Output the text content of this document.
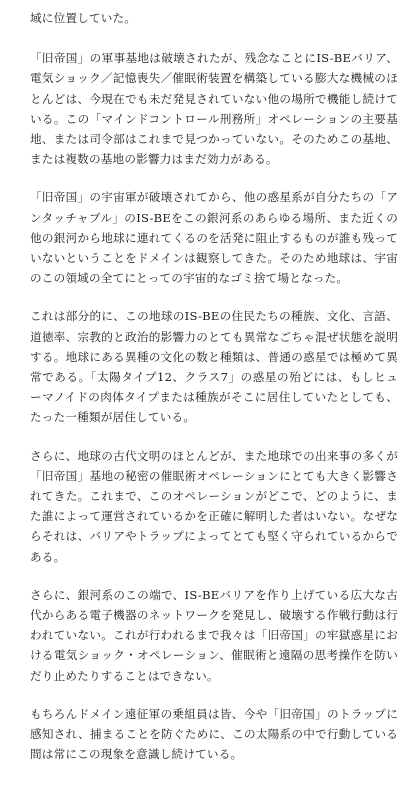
域に位置していた。

「旧帝国」の軍事基地は破壊されたが、残念なことにIS-BEバリア、電気ショック／記憶喪失／催眠術装置を構築している膨大な機械のほとんどは、今現在でも未だ発見されていない他の場所で機能し続けている。この「マインドコントロール刑務所」オペレーションの主要基地、または司令部はこれまで見つかっていない。そのためこの基地、または複数の基地の影響力はまだ効力がある。

「旧帝国」の宇宙軍が破壊されてから、他の惑星系が自分たちの「アンタッチャブル」のIS-BEをこの銀河系のあらゆる場所、また近くの他の銀河から地球に連れてくるのを活発に阻止するものが誰も残っていないということをドメインは観察してきた。そのため地球は、宇宙のこの領域の全てにとっての宇宙的なゴミ捨て場となった。

これは部分的に、この地球のIS-BEの住民たちの種族、文化、言語、道徳率、宗教的と政治的影響力のとても異常なごちゃ混ぜ状態を説明する。地球にある異種の文化の数と種類は、普通の惑星では極めて異常である。「太陽タイプ12、クラス7」の惑星の殆どには、もしヒューマノイドの肉体タイプまたは種族がそこに居住していたとしても、たった一種類が居住している。

さらに、地球の古代文明のほとんどが、また地球での出来事の多くが「旧帝国」基地の秘密の催眠術オペレーションにとても大きく影響されてきた。これまで、このオペレーションがどこで、どのように、また誰によって運営されているかを正確に解明した者はいない。なぜならそれは、バリアやトラップによってとても堅く守られているからである。

さらに、銀河系のこの端で、IS-BEバリアを作り上げている広大な古代からある電子機器のネットワークを発見し、破壊する作戦行動は行われていない。これが行われるまで我々は「旧帝国」の牢獄惑星における電気ショック・オペレーション、催眠術と遠隔の思考操作を防いだり止めたりすることはできない。

もちろんドメイン遠征軍の乗組員は皆、今や「旧帝国」のトラップに感知され、捕まることを防ぐために、この太陽系の中で行動している間は常にこの現象を意識し続けている。
